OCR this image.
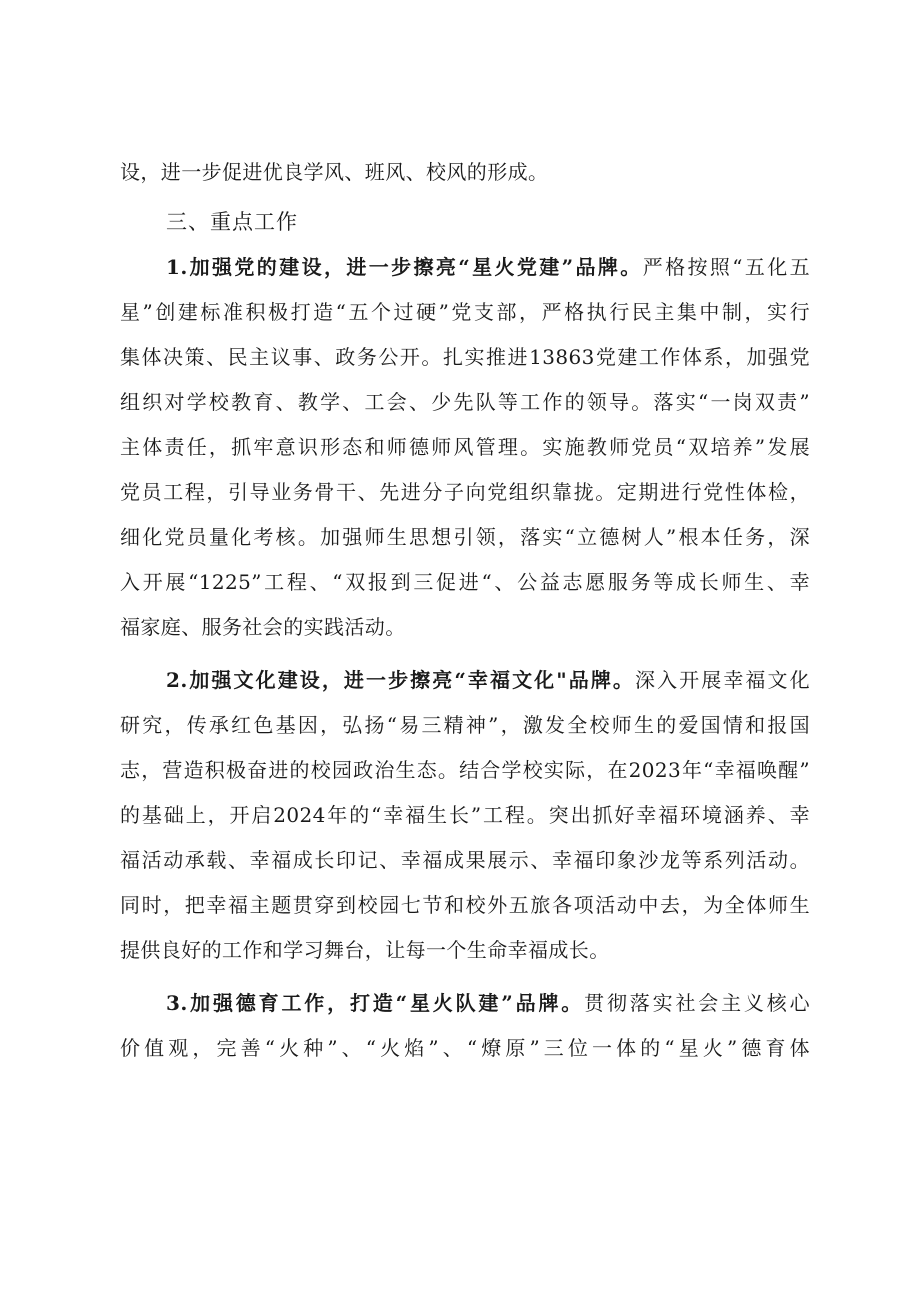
设，进一步促进优良学风、班风、校风的形成。
三、重点工作
1.加强党的建设，进一步擦亮“星火党建”品牌。严格按照“五化五
星”创建标准积极打造“五个过硬”党支部，严格执行民主集中制，实行
集体决策、民主议事、政务公开。扎实推进13863党建工作体系，加强党
组织对学校教育、教学、工会、少先队等工作的领导。落实“一岗双责”
主体责任，抓牢意识形态和师德师风管理。实施教师党员“双培养”发展
党员工程，引导业务骨干、先进分子向党组织靠拢。定期进行党性体检，
细化党员量化考核。加强师生思想引领，落实“立德树人”根本任务，深
入开展“1225”工程、“双报到三促进“、公益志愿服务等成长师生、幸
福家庭、服务社会的实践活动。
2.加强文化建设，进一步擦亮“幸福文化"品牌。深入开展幸福文化
研究，传承红色基因，弘扬“易三精神”，激发全校师生的爱国情和报国
志，营造积极奋进的校园政治生态。结合学校实际，在2023年“幸福唤醒”
的基础上，开启2024年的“幸福生长”工程。突出抓好幸福环境涵养、幸
福活动承载、幸福成长印记、幸福成果展示、幸福印象沙龙等系列活动。
同时，把幸福主题贯穿到校园七节和校外五旅各项活动中去，为全体师生
提供良好的工作和学习舞台，让每一个生命幸福成长。
3.加强德育工作，打造“星火队建”品牌。贯彻落实社会主义核心
价值观，完善“火种”、“火焰”、“燎原”三位一体的“星火”德育体
